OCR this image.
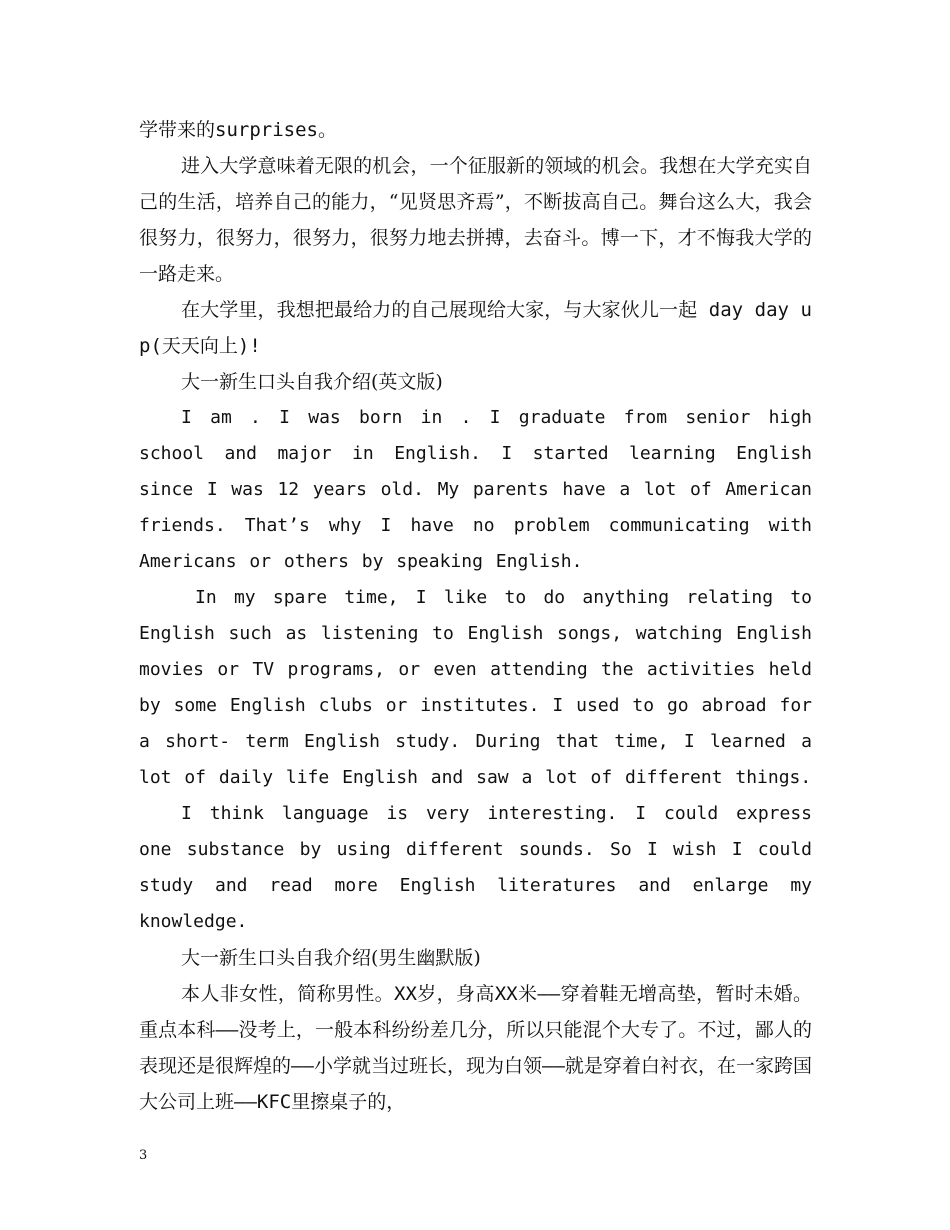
学带来的surprises。

进入大学意味着无限的机会，一个征服新的领域的机会。我想在大学充实自己的生活，培养自己的能力，“见贤思齐焉”，不断拔高自己。舞台这么大，我会很努力，很努力，很努力，很努力地去拼搏，去奋斗。博一下，才不悔我大学的一路走来。

在大学里，我想把最给力的自己展现给大家，与大家伙儿一起 day day up(天天向上)!

大一新生口头自我介绍(英文版)

I am . I was born in . I graduate from senior high school and major in English. I started learning English since I was 12 years old. My parents have a lot of American friends. That’s why I have no problem communicating with Americans or others by speaking English.

In my spare time, I like to do anything relating to English such as listening to English songs, watching English movies or TV programs, or even attending the activities held by some English clubs or institutes. I used to go abroad for a short- term English study. During that time, I learned a lot of daily life English and saw a lot of different things.

I think language is very interesting. I could express one substance by using different sounds. So I wish I could study and read more English literatures and enlarge my knowledge.

大一新生口头自我介绍(男生幽默版)

本人非女性，简称男性。XX岁，身高XX米——穿着鞋无增高垫，暂时未婚。重点本科——没考上，一般本科纷纷差几分，所以只能混个大专了。不过，鄙人的表现还是很辉煌的——小学就当过班长，现为白领——就是穿着白衬衣，在一家跨国大公司上班——KFC里擦桌子的，

3
